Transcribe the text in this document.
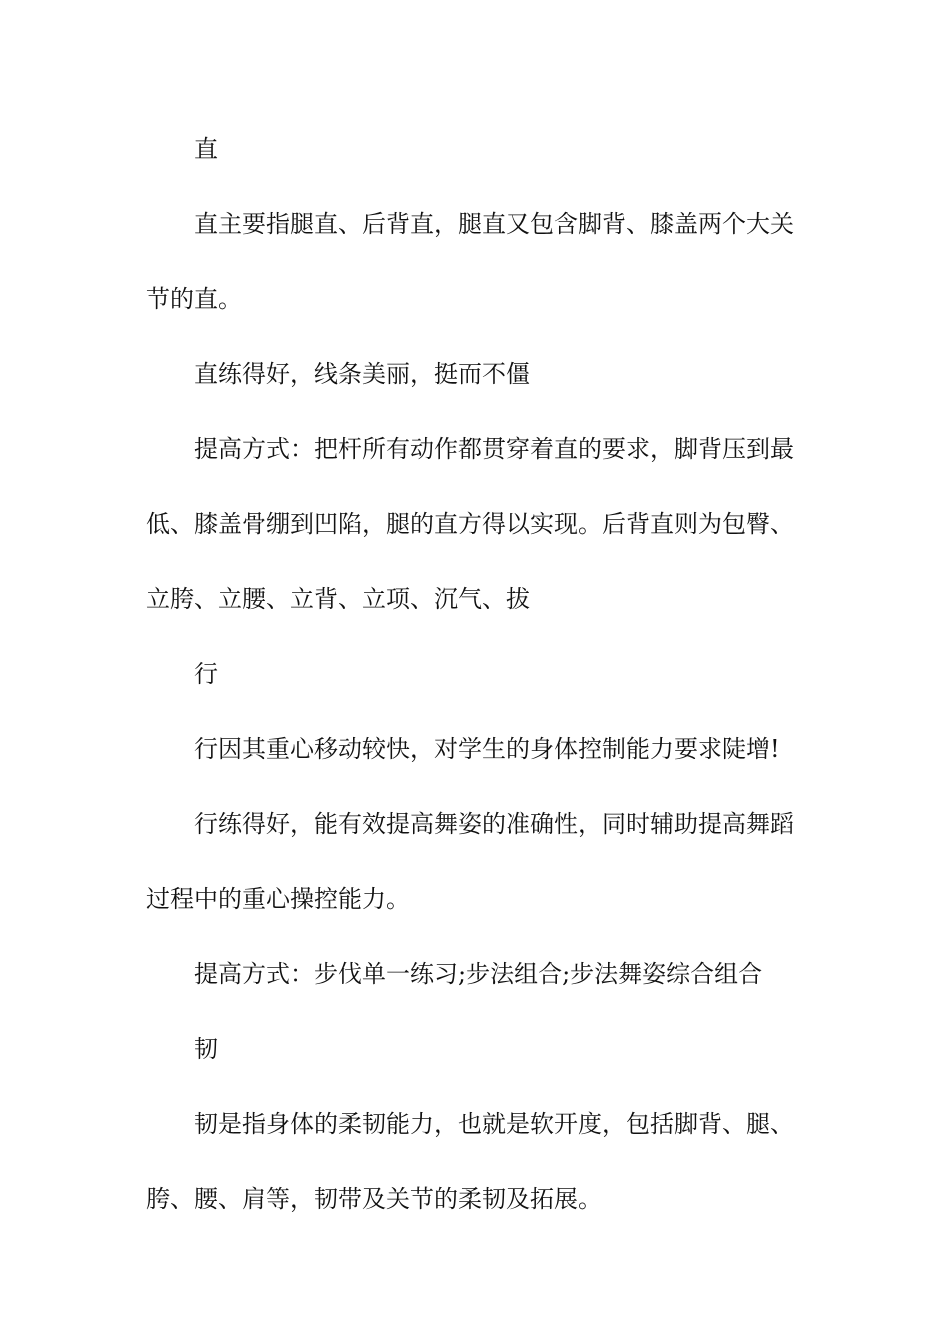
直

直主要指腿直、后背直，腿直又包含脚背、膝盖两个大关节的直。

直练得好，线条美丽，挺而不僵

提高方式：把杆所有动作都贯穿着直的要求，脚背压到最低、膝盖骨绷到凹陷，腿的直方得以实现。后背直则为包臀、立胯、立腰、立背、立项、沉气、拔

行

行因其重心移动较快，对学生的身体控制能力要求陡增!

行练得好，能有效提高舞姿的准确性，同时辅助提高舞蹈过程中的重心操控能力。

提高方式：步伐单一练习;步法组合;步法舞姿综合组合

韧

韧是指身体的柔韧能力，也就是软开度，包括脚背、腿、胯、腰、肩等，韧带及关节的柔韧及拓展。
